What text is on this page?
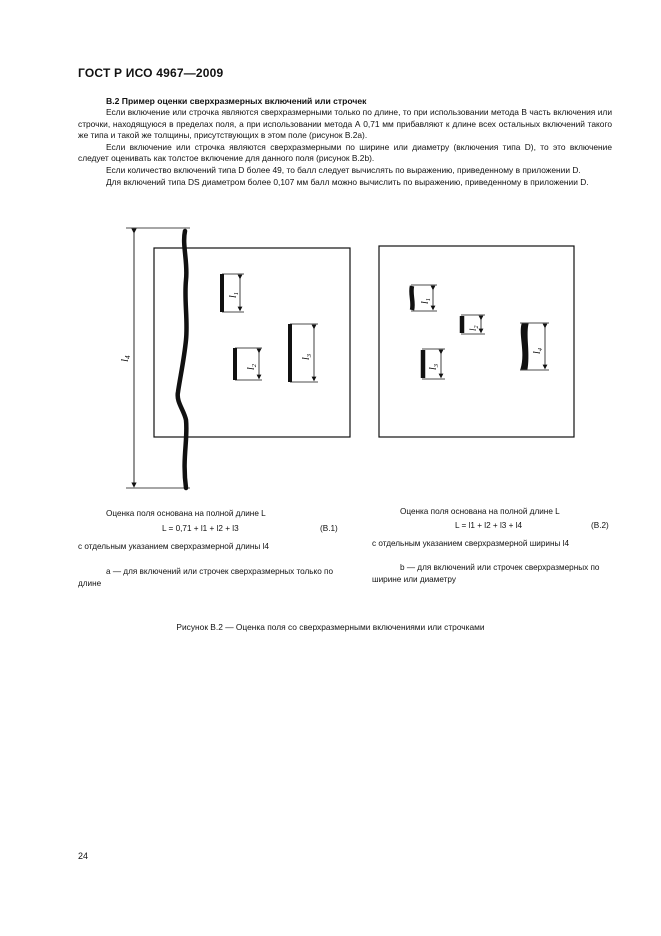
ГОСТ Р ИСО 4967—2009
B.2 Пример оценки сверхразмерных включений или строчек

Если включение или строчка являются сверхразмерными только по длине, то при использовании метода В часть включения или строчки, находящуюся в пределах поля, а при использовании метода А 0,71 мм прибавляют к длине всех остальных включений такого же типа и такой же толщины, присутствующих в этом поле (рисунок B.2a).

Если включение или строчка являются сверхразмерными по ширине или диаметру (включения типа D), то это включение следует оценивать как толстое включение для данного поля (рисунок B.2b).

Если количество включений типа D более 49, то балл следует вычислять по выражению, приведенному в приложении D.

Для включений типа DS диаметром более 0,107 мм балл можно вычислить по выражению, приведенному в приложении D.

l4
$l_1$
$l_2$
$l_3$
$l_1$
$l_2$
$l_3$
$l_4$
Оценка поля основана на полной длине L
L = 0,71 + l1 + l2 + l3	(B.1)
с отдельным указанием сверхразмерной длины l4
a — для включений или строчек сверхразмерных только по длине
Оценка поля основана на полной длине L
L = l1 + l2 + l3 + l4	(B.2)
с отдельным указанием сверхразмерной ширины l4
b — для включений или строчек сверхразмерных по ширине или диаметру
Рисунок B.2 — Оценка поля со сверхразмерными включениями или строчками
24
